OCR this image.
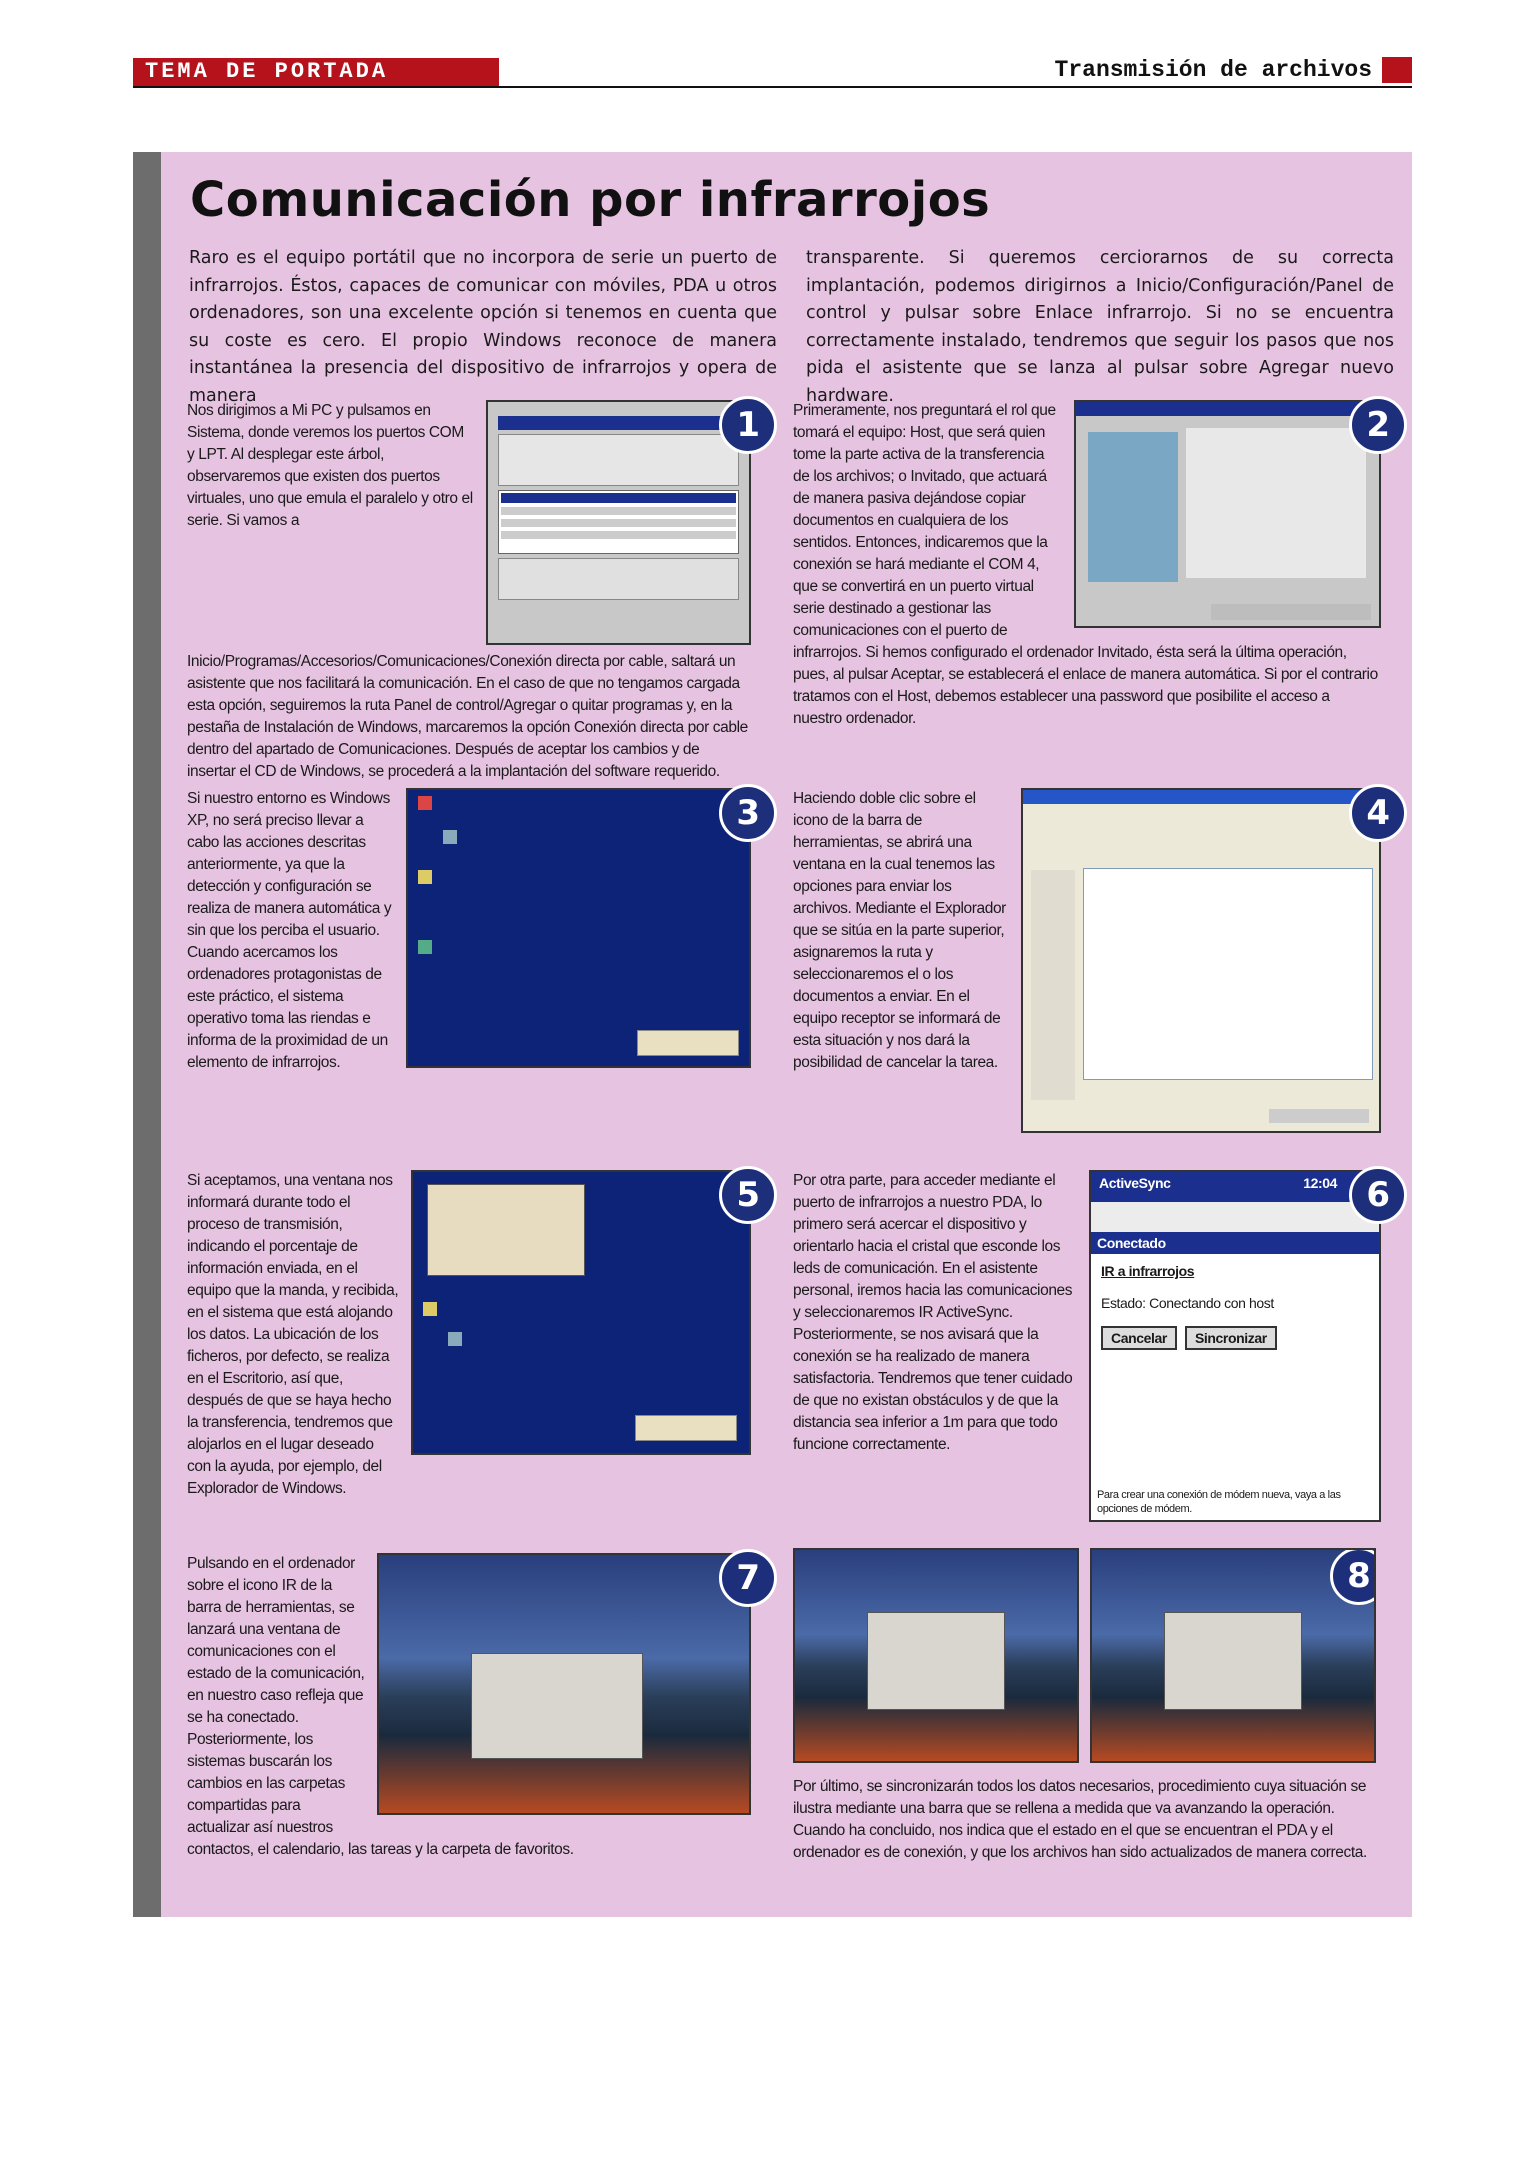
TEMA DE PORTADA	Transmisión de archivos
Comunicación por infrarrojos
Raro es el equipo portátil que no incorpora de serie un puerto de infrarrojos. Éstos, capaces de comunicar con móviles, PDA u otros ordenadores, son una excelente opción si tenemos en cuenta que su coste es cero. El propio Windows reconoce de manera instantánea la presencia del dispositivo de infrarrojos y opera de manera
transparente. Si queremos cerciorarnos de su correcta implantación, podemos dirigirnos a Inicio/Configuración/Panel de control y pulsar sobre Enlace infrarrojo. Si no se encuentra correctamente instalado, tendremos que seguir los pasos que nos pida el asistente que se lanza al pulsar sobre Agregar nuevo hardware.
1
Nos dirigimos a Mi PC y pulsamos en Sistema, donde veremos los puertos COM y LPT. Al desplegar este árbol, observaremos que existen dos puertos virtuales, uno que emula el paralelo y otro el serie. Si vamos a Inicio/Programas/Accesorios/Comunicaciones/Conexión directa por cable, saltará un asistente que nos facilitará la comunicación. En el caso de que no tengamos cargada esta opción, seguiremos la ruta Panel de control/Agregar o quitar programas y, en la pestaña de Instalación de Windows, marcaremos la opción Conexión directa por cable dentro del apartado de Comunicaciones. Después de aceptar los cambios y de insertar el CD de Windows, se procederá a la implantación del software requerido.
2
Primeramente, nos preguntará el rol que tomará el equipo: Host, que será quien tome la parte activa de la transferencia de los archivos; o Invitado, que actuará de manera pasiva dejándose copiar documentos en cualquiera de los sentidos. Entonces, indicaremos que la conexión se hará mediante el COM 4, que se convertirá en un puerto virtual serie destinado a gestionar las comunicaciones con el puerto de infrarrojos. Si hemos configurado el ordenador Invitado, ésta será la última operación, pues, al pulsar Aceptar, se establecerá el enlace de manera automática. Si por el contrario tratamos con el Host, debemos establecer una password que posibilite el acceso a nuestro ordenador.
3
Si nuestro entorno es Windows XP, no será preciso llevar a cabo las acciones descritas anteriormente, ya que la detección y configuración se realiza de manera automática y sin que los perciba el usuario. Cuando acercamos los ordenadores protagonistas de este práctico, el sistema operativo toma las riendas e informa de la proximidad de un elemento de infrarrojos.
4
Haciendo doble clic sobre el icono de la barra de herramientas, se abrirá una ventana en la cual tenemos las opciones para enviar los archivos. Mediante el Explorador que se sitúa en la parte superior, asignaremos la ruta y seleccionaremos el o los documentos a enviar. En el equipo receptor se informará de esta situación y nos dará la posibilidad de cancelar la tarea.
5
Si aceptamos, una ventana nos informará durante todo el proceso de transmisión, indicando el porcentaje de información enviada, en el equipo que la manda, y recibida, en el sistema que está alojando los datos. La ubicación de los ficheros, por defecto, se realiza en el Escritorio, así que, después de que se haya hecho la transferencia, tendremos que alojarlos en el lugar deseado con la ayuda, por ejemplo, del Explorador de Windows.
ActiveSync	12:04
Conectado
IR a infrarrojos
Estado: Conectando con host
Cancelar	Sincronizar
Para crear una conexión de módem nueva, vaya a las opciones de módem.
6
Por otra parte, para acceder mediante el puerto de infrarrojos a nuestro PDA, lo primero será acercar el dispositivo y orientarlo hacia el cristal que esconde los leds de comunicación. En el asistente personal, iremos hacia las comunicaciones y seleccionaremos IR ActiveSync. Posteriormente, se nos avisará que la conexión se ha realizado de manera satisfactoria. Tendremos que tener cuidado de que no existan obstáculos y de que la distancia sea inferior a 1m para que todo funcione correctamente.
7
Pulsando en el ordenador sobre el icono IR de la barra de herramientas, se lanzará una ventana de comunicaciones con el estado de la comunicación, en nuestro caso refleja que se ha conectado. Posteriormente, los sistemas buscarán los cambios en las carpetas compartidas para actualizar así nuestros contactos, el calendario, las tareas y la carpeta de favoritos.
8
Por último, se sincronizarán todos los datos necesarios, procedimiento cuya situación se ilustra mediante una barra que se rellena a medida que va avanzando la operación. Cuando ha concluido, nos indica que el estado en el que se encuentran el PDA y el ordenador es de conexión, y que los archivos han sido actualizados de manera correcta.
